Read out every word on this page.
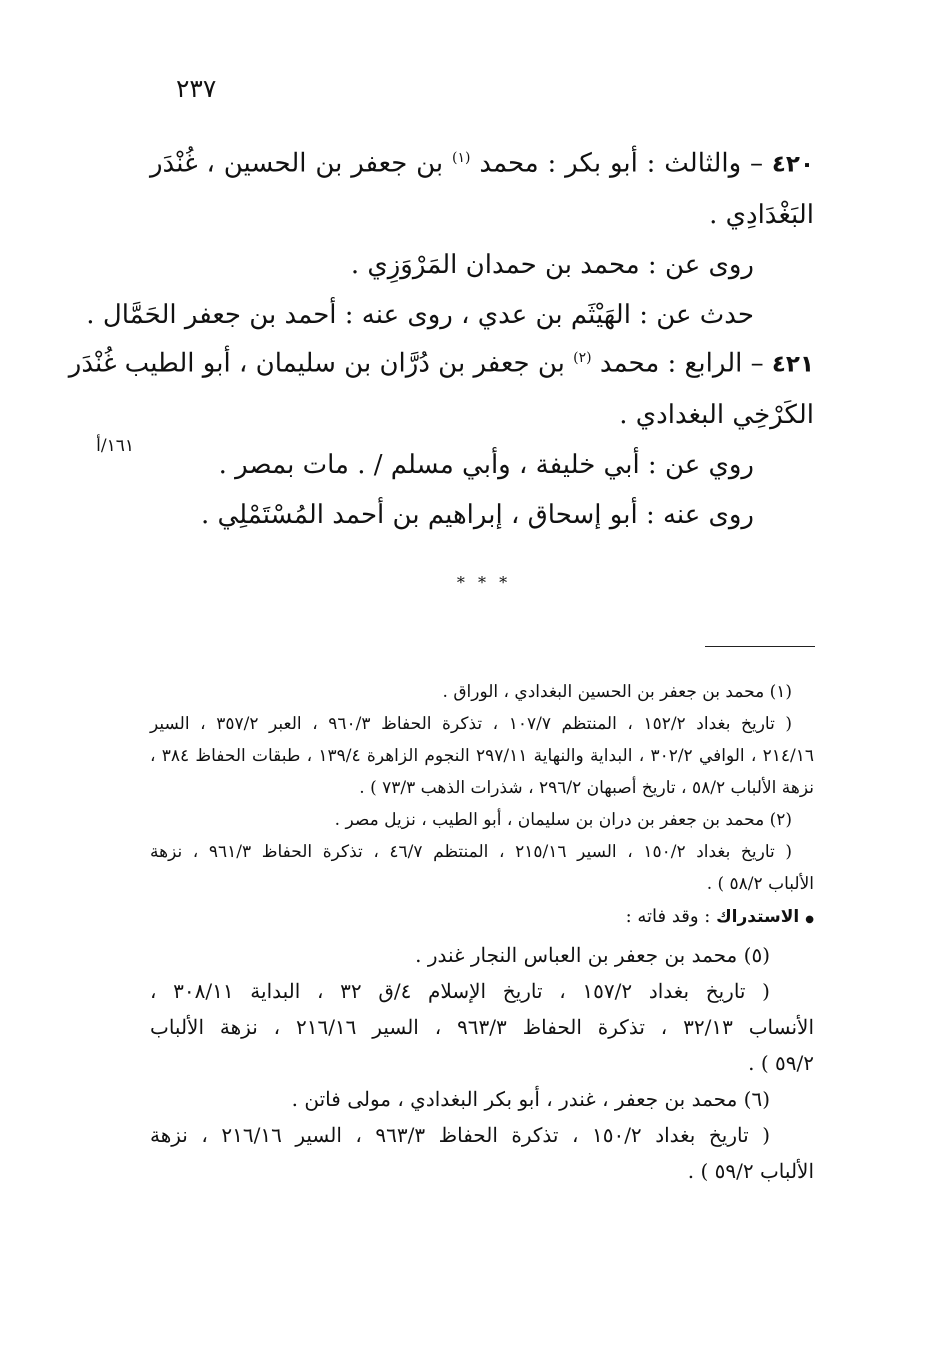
٢٣٧
٤٢٠ – والثالث : أبو بكر : محمد $^{(١)}$ بن جعفر بن الحسين ، غُنْدَر
البَغْدَادِي .
روى عن : محمد بن حمدان المَرْوَزِي .
حدث عن : الهَيْثَم بن عدي ، روى عنه : أحمد بن جعفر الحَمَّال .
٤٢١ – الرابع : محمد $^{(٢)}$ بن جعفر بن دُرَّان بن سليمان ، أبو الطيب غُنْدَر
الكَرْخِي البغدادي .
روي عن : أبي خليفة ، وأبي مسلم / . مات بمصر .
روى عنه : أبو إسحاق ، إبراهيم بن أحمد المُسْتَمْلِي .
١٦١/أ
* * *
(١) محمد بن جعفر بن الحسين البغدادي ، الوراق .
( تاريخ بغداد ١٥٢/٢ ، المنتظم ١٠٧/٧ ، تذكرة الحفاظ ٩٦٠/٣ ، العبر ٣٥٧/٢ ، السير
٢١٤/١٦ ، الوافي ٣٠٢/٢ ، البداية والنهاية ٢٩٧/١١ النجوم الزاهرة ١٣٩/٤ ، طبقات الحفاظ ٣٨٤ ،
نزهة الألباب ٥٨/٢ ، تاريخ أصبهان ٢٩٦/٢ ، شذرات الذهب ٧٣/٣ ) .
(٢) محمد بن جعفر بن دران بن سليمان ، أبو الطيب ، نزيل مصر .
( تاريخ بغداد ١٥٠/٢ ، السير ٢١٥/١٦ ، المنتظم ٤٦/٧ ، تذكرة الحفاظ ٩٦١/٣ ، نزهة
الألباب ٥٨/٢ ) .
●الاستدراك : وقد فاته :
(٥) محمد بن جعفر بن العباس النجار غندر .
( تاريخ بغداد ١٥٧/٢ ، تاريخ الإسلام ٤/ق ٣٢ ، البداية ٣٠٨/١١ ،
الأنساب ٣٢/١٣ ، تذكرة الحفاظ ٩٦٣/٣ ، السير ٢١٦/١٦ ، نزهة الألباب
٥٩/٢ ) .
(٦) محمد بن جعفر ، غندر ، أبو بكر البغدادي ، مولى فاتن .
( تاريخ بغداد ١٥٠/٢ ، تذكرة الحفاظ ٩٦٣/٣ ، السير ٢١٦/١٦ ، نزهة
الألباب ٥٩/٢ ) .
